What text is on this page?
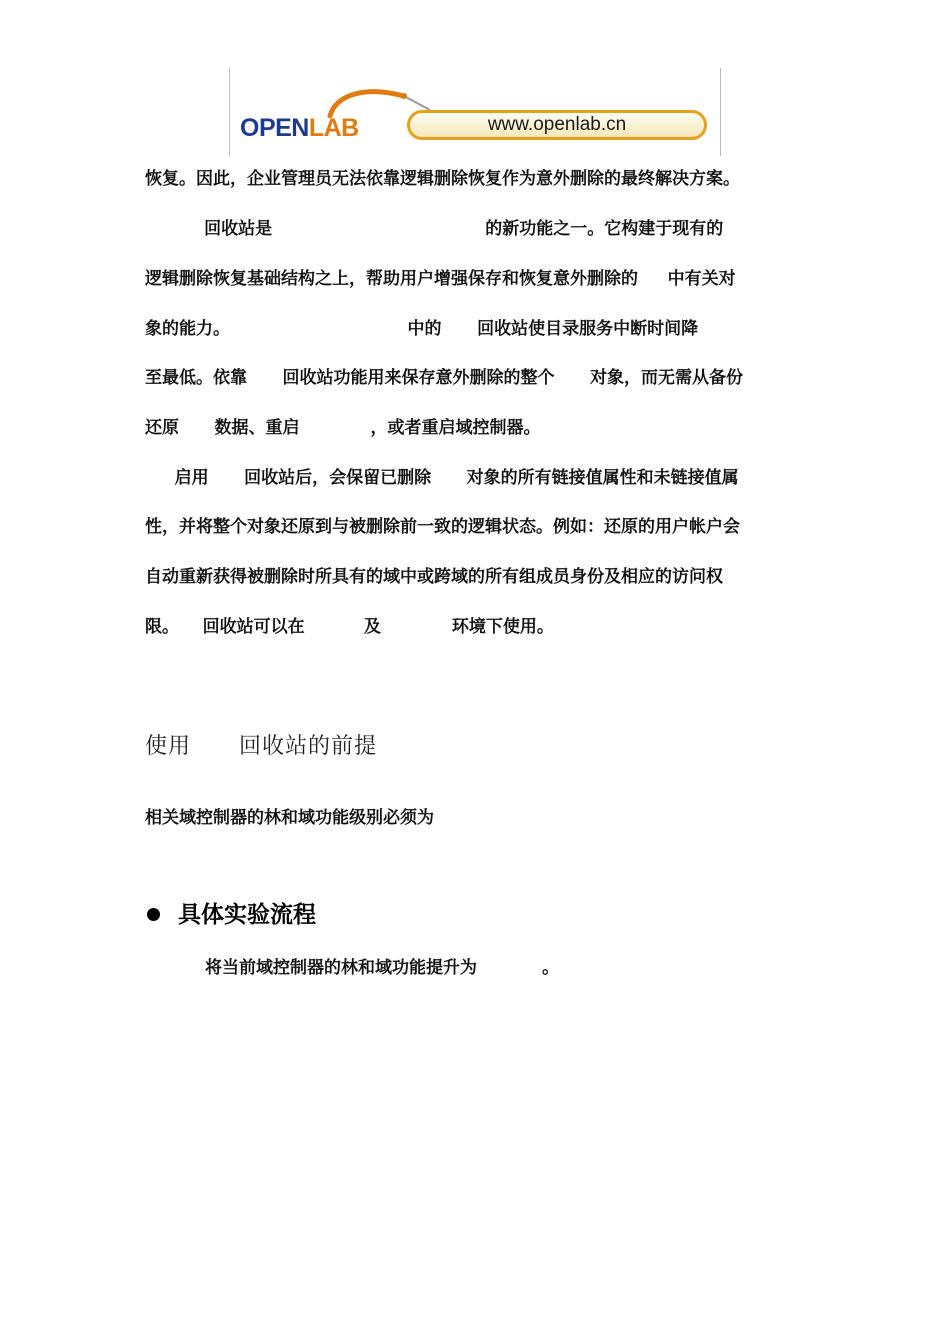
OPENLAB	www.openlab.cn
恢复。因此，企业管理员无法依靠逻辑删除恢复作为意外删除的最终解决方案。
回收站是                                    的新功能之一。它构建于现有的
逻辑删除恢复基础结构之上，帮助用户增强保存和恢复意外删除的     中有关对
象的能力。                              中的      回收站使目录服务中断时间降
至最低。依靠      回收站功能用来保存意外删除的整个      对象，而无需从备份
还原      数据、重启            ，或者重启域控制器。
启用      回收站后，会保留已删除      对象的所有链接值属性和未链接值属
性，并将整个对象还原到与被删除前一致的逻辑状态。例如：还原的用户帐户会
自动重新获得被删除时所具有的域中或跨域的所有组成员身份及相应的访问权
限。    回收站可以在          及            环境下使用。
使用      回收站的前提
相关域控制器的林和域功能级别必须为
具体实验流程
将当前域控制器的林和域功能提升为           。
